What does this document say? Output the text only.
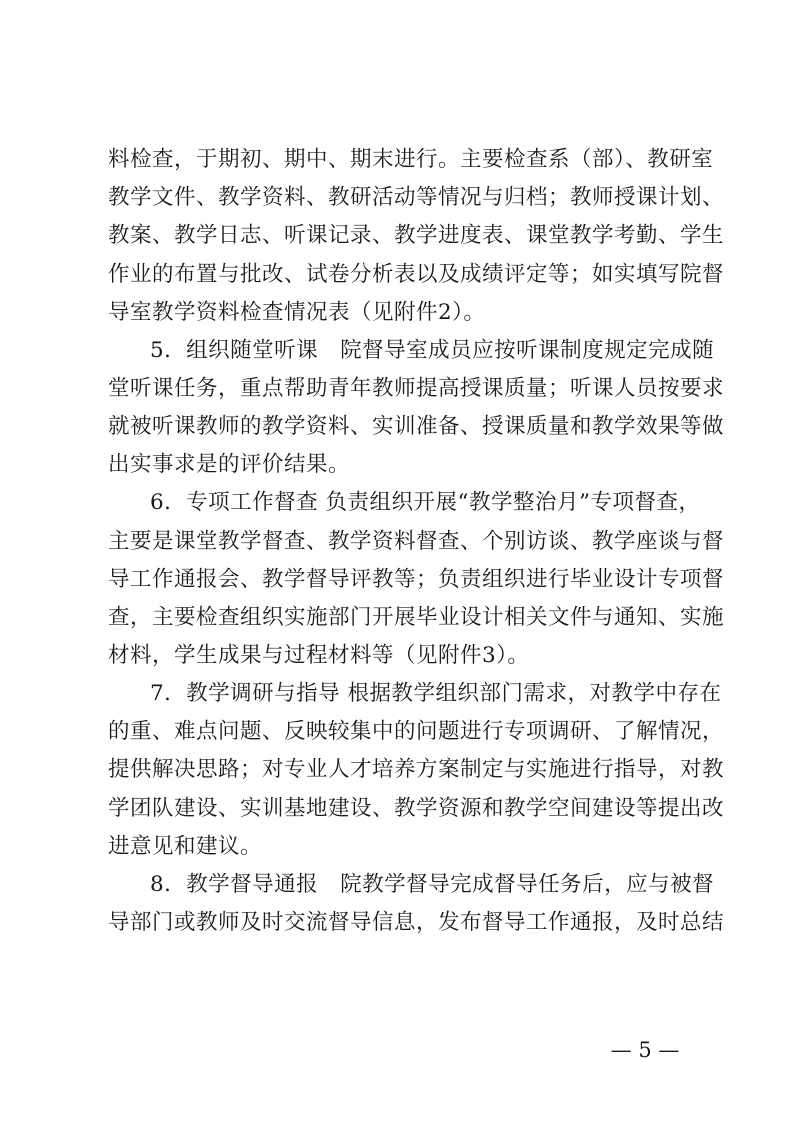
料检查，于期初、期中、期末进行。主要检查系（部）、教研室
教学文件、教学资料、教研活动等情况与归档；教师授课计划、
教案、教学日志、听课记录、教学进度表、课堂教学考勤、学生
作业的布置与批改、试卷分析表以及成绩评定等；如实填写院督
导室教学资料检查情况表（见附件2）。
5．组织随堂听课　院督导室成员应按听课制度规定完成随
堂听课任务，重点帮助青年教师提高授课质量；听课人员按要求
就被听课教师的教学资料、实训准备、授课质量和教学效果等做
出实事求是的评价结果。
6．专项工作督查 负责组织开展“教学整治月”专项督查，
主要是课堂教学督查、教学资料督查、个别访谈、教学座谈与督
导工作通报会、教学督导评教等；负责组织进行毕业设计专项督
查，主要检查组织实施部门开展毕业设计相关文件与通知、实施
材料，学生成果与过程材料等（见附件3）。
7．教学调研与指导 根据教学组织部门需求，对教学中存在
的重、难点问题、反映较集中的问题进行专项调研、了解情况，
提供解决思路；对专业人才培养方案制定与实施进行指导，对教
学团队建设、实训基地建设、教学资源和教学空间建设等提出改
进意见和建议。
8．教学督导通报　院教学督导完成督导任务后，应与被督
导部门或教师及时交流督导信息，发布督导工作通报，及时总结
— 5 —
